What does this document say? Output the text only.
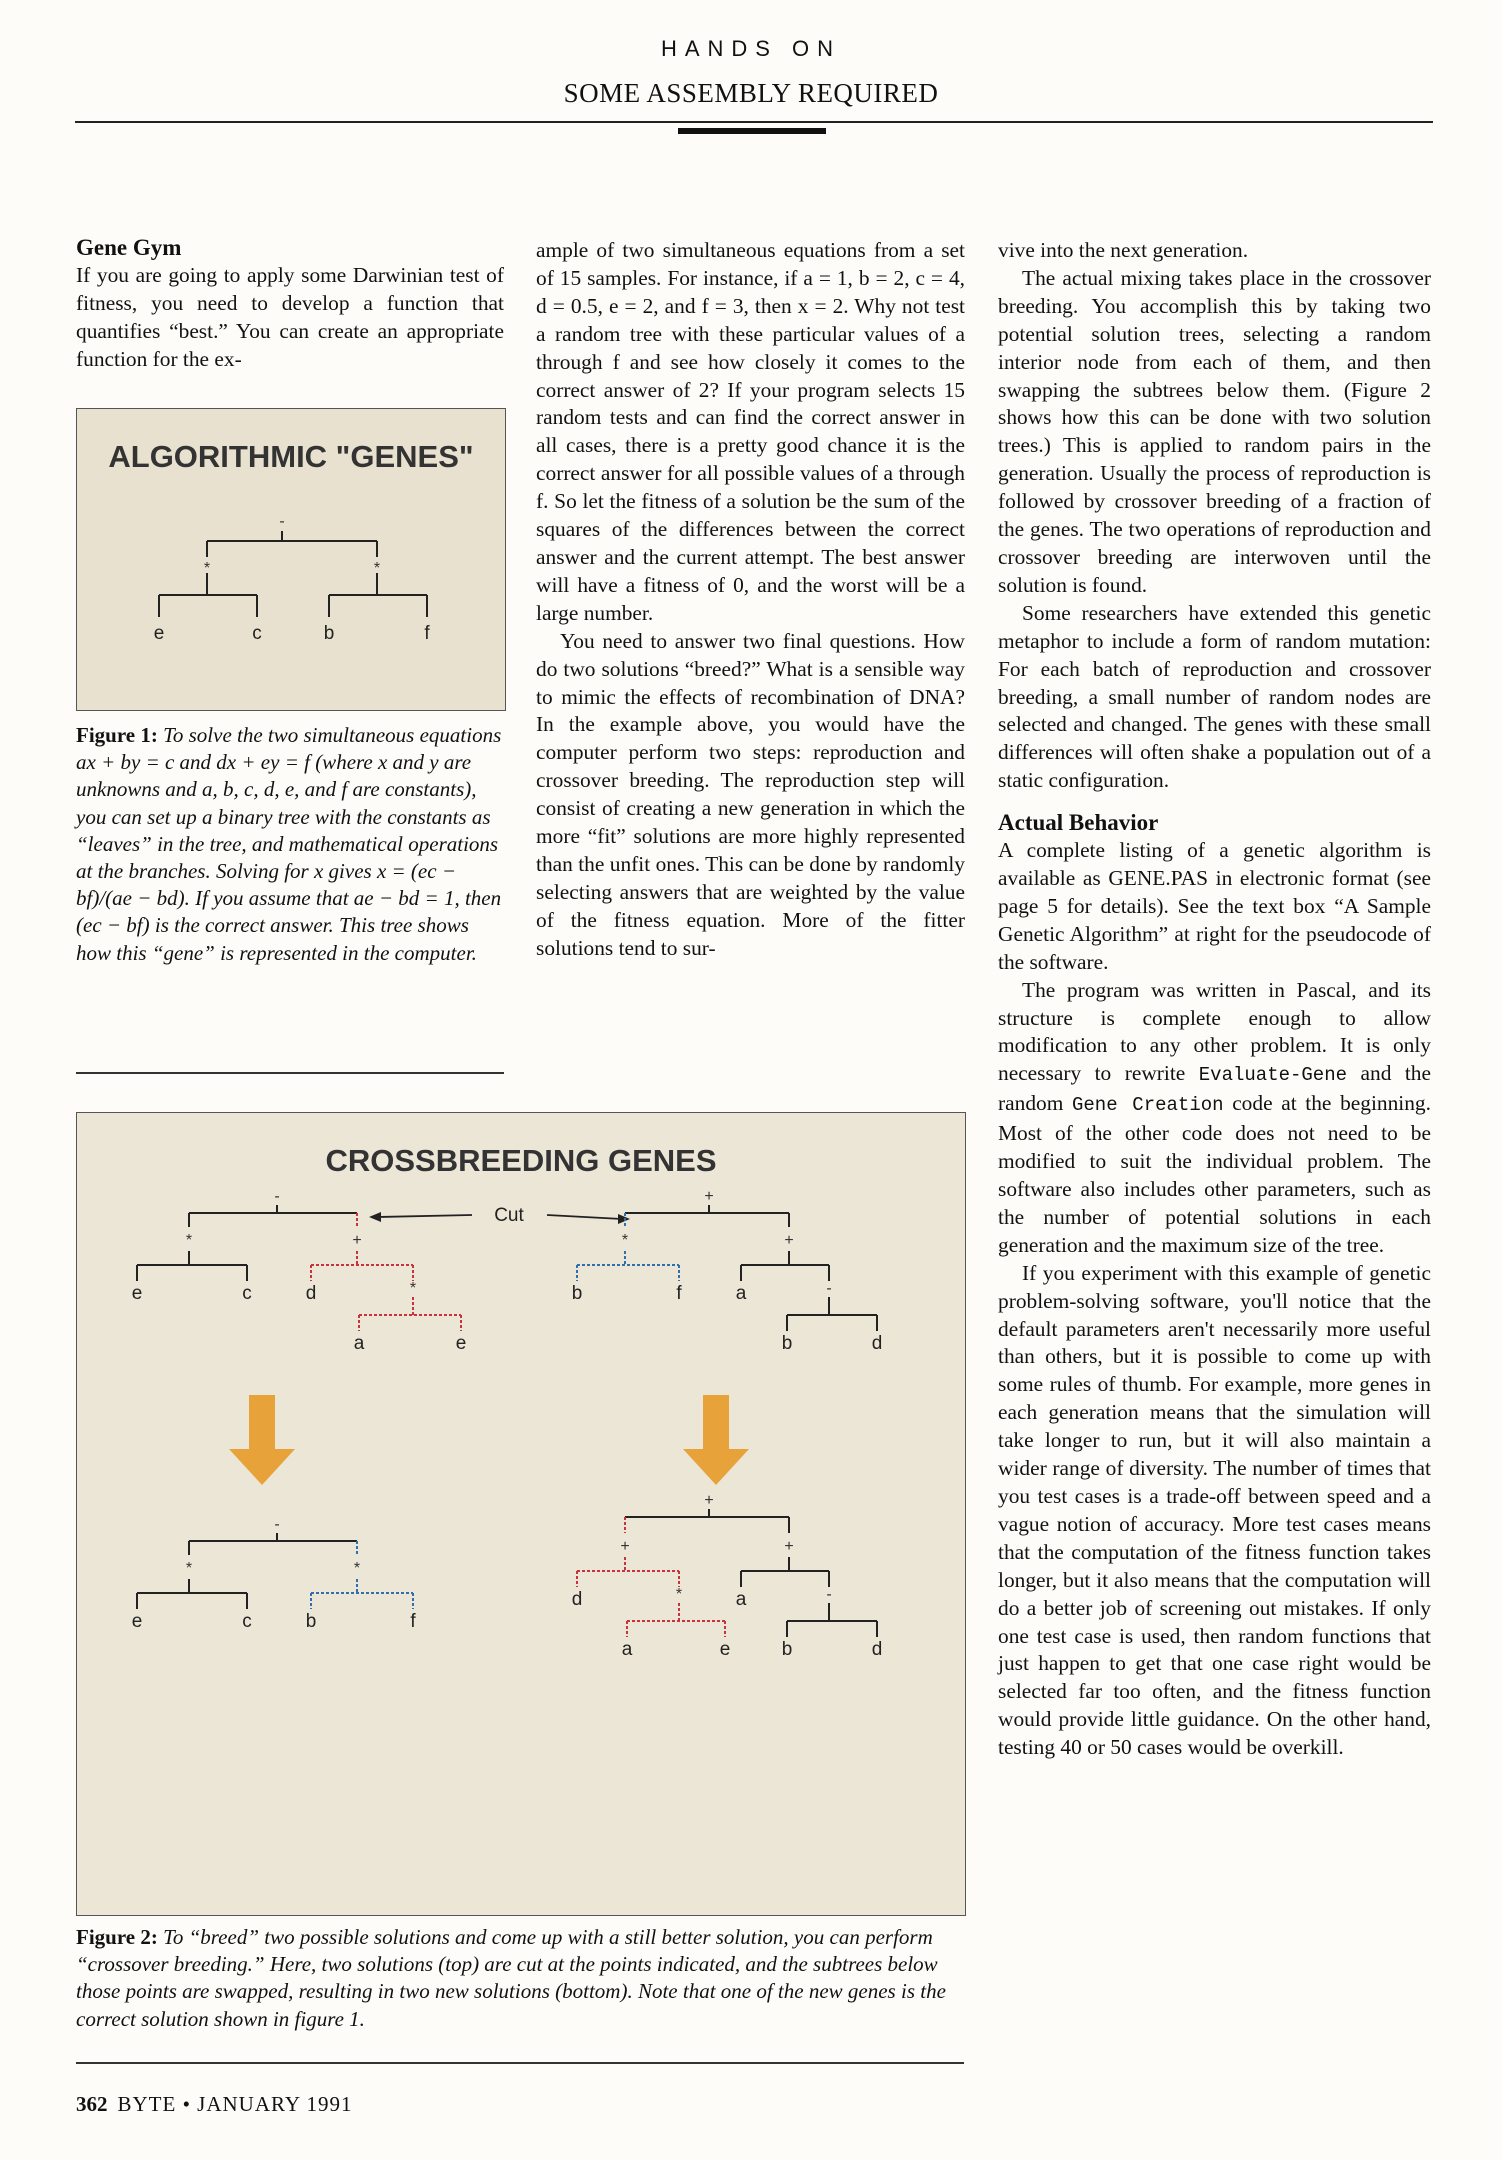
HANDS ON
SOME ASSEMBLY REQUIRED

Gene Gym

If you are going to apply some Darwinian test of fitness, you need to develop a function that quantifies “best.” You can create an appropriate function for the ex-

ALGORITHMIC "GENES"
-
*	*
e	c	b	f
Figure 1: To solve the two simultaneous equations ax + by = c and dx + ey = f (where x and y are unknowns and a, b, c, d, e, and f are constants), you can set up a binary tree with the constants as “leaves” in the tree, and mathematical operations at the branches. Solving for x gives x = (ec − bf)/(ae − bd). If you assume that ae − bd = 1, then (ec − bf) is the correct answer. This tree shows how this “gene” is represented in the computer.

ample of two simultaneous equations from a set of 15 samples. For instance, if a = 1, b = 2, c = 4, d = 0.5, e = 2, and f = 3, then x = 2. Why not test a random tree with these particular values of a through f and see how closely it comes to the correct answer of 2? If your program selects 15 random tests and can find the correct answer in all cases, there is a pretty good chance it is the correct answer for all possible values of a through f. So let the fitness of a solution be the sum of the squares of the differences between the correct answer and the current attempt. The best answer will have a fitness of 0, and the worst will be a large number.

You need to answer two final questions. How do two solutions “breed?” What is a sensible way to mimic the effects of recombination of DNA? In the example above, you would have the computer perform two steps: reproduction and crossover breeding. The reproduction step will consist of creating a new generation in which the more “fit” solutions are more highly represented than the unfit ones. This can be done by randomly selecting answers that are weighted by the value of the fitness equation. More of the fitter solutions tend to sur-

vive into the next generation.

The actual mixing takes place in the crossover breeding. You accomplish this by taking two potential solution trees, selecting a random interior node from each of them, and then swapping the subtrees below them. (Figure 2 shows how this can be done with two solution trees.) This is applied to random pairs in the generation. Usually the process of reproduction is followed by crossover breeding of a fraction of the genes. The two operations of reproduction and crossover breeding are interwoven until the solution is found.

Some researchers have extended this genetic metaphor to include a form of random mutation: For each batch of reproduction and crossover breeding, a small number of random nodes are selected and changed. The genes with these small differences will often shake a population out of a static configuration.

Actual Behavior

A complete listing of a genetic algorithm is available as GENE.PAS in electronic format (see page 5 for details). See the text box “A Sample Genetic Algorithm” at right for the pseudocode of the software.

The program was written in Pascal, and its structure is complete enough to allow modification to any other problem. It is only necessary to rewrite Evaluate-Gene and the random Gene Creation code at the beginning. Most of the other code does not need to be modified to suit the individual problem. The software also includes other parameters, such as the number of potential solutions in each generation and the maximum size of the tree.

If you experiment with this example of genetic problem-solving software, you'll notice that the default parameters aren't necessarily more useful than others, but it is possible to come up with some rules of thumb. For example, more genes in each generation means that the simulation will take longer to run, but it will also maintain a wider range of diversity. The number of times that you test cases is a trade-off between speed and a vague notion of accuracy. More test cases means that the computation of the fitness function takes longer, but it also means that the computation will do a better job of screening out mistakes. If only one test case is used, then random functions that just happen to get that one case right would be selected far too often, and the fitness function would provide little guidance. On the other hand, testing 40 or 50 cases would be overkill.

CROSSBREEDING GENES
-
*	+
*
e	c	d
a	e
Cut
+
*	+
-
b	f	a
b	d
-
*	*
e	c	b	f
+
+	+
*	-
d	a
a	e	b	d
Figure 2: To “breed” two possible solutions and come up with a still better solution, you can perform “crossover breeding.” Here, two solutions (top) are cut at the points indicated, and the subtrees below those points are swapped, resulting in two new solutions (bottom). Note that one of the new genes is the correct solution shown in figure 1.
362 BYTE • JANUARY 1991
